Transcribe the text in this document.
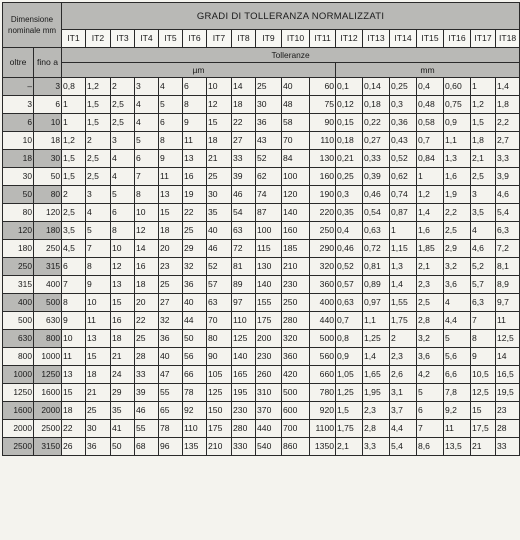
Dimensione nominale mm		GRADI DI TOLLERANZA NORMALIZZATI																	
		IT1	IT2	IT3	IT4	IT5	IT6	IT7	IT8	IT9	IT10	IT11	IT12	IT13	IT14	IT15	IT16	IT17	IT18
oltre	fino a	Tolleranze																	
		µm											mm						
–	3	0,8	1,2	2	3	4	6	10	14	25	40	60	0,1	0,14	0,25	0,4	0,60	1	1,4
3	6	1	1,5	2,5	4	5	8	12	18	30	48	75	0,12	0,18	0,3	0,48	0,75	1,2	1,8
6	10	1	1,5	2,5	4	6	9	15	22	36	58	90	0,15	0,22	0,36	0,58	0,9	1,5	2,2
10	18	1,2	2	3	5	8	11	18	27	43	70	110	0,18	0,27	0,43	0,7	1,1	1,8	2,7
18	30	1,5	2,5	4	6	9	13	21	33	52	84	130	0,21	0,33	0,52	0,84	1,3	2,1	3,3
30	50	1,5	2,5	4	7	11	16	25	39	62	100	160	0,25	0,39	0,62	1	1,6	2,5	3,9
50	80	2	3	5	8	13	19	30	46	74	120	190	0,3	0,46	0,74	1,2	1,9	3	4,6
80	120	2,5	4	6	10	15	22	35	54	87	140	220	0,35	0,54	0,87	1,4	2,2	3,5	5,4
120	180	3,5	5	8	12	18	25	40	63	100	160	250	0,4	0,63	1	1,6	2,5	4	6,3
180	250	4,5	7	10	14	20	29	46	72	115	185	290	0,46	0,72	1,15	1,85	2,9	4,6	7,2
250	315	6	8	12	16	23	32	52	81	130	210	320	0,52	0,81	1,3	2,1	3,2	5,2	8,1
315	400	7	9	13	18	25	36	57	89	140	230	360	0,57	0,89	1,4	2,3	3,6	5,7	8,9
400	500	8	10	15	20	27	40	63	97	155	250	400	0,63	0,97	1,55	2,5	4	6,3	9,7
500	630	9	11	16	22	32	44	70	110	175	280	440	0,7	1,1	1,75	2,8	4,4	7	11
630	800	10	13	18	25	36	50	80	125	200	320	500	0,8	1,25	2	3,2	5	8	12,5
800	1000	11	15	21	28	40	56	90	140	230	360	560	0,9	1,4	2,3	3,6	5,6	9	14
1000	1250	13	18	24	33	47	66	105	165	260	420	660	1,05	1,65	2,6	4,2	6,6	10,5	16,5
1250	1600	15	21	29	39	55	78	125	195	310	500	780	1,25	1,95	3,1	5	7,8	12,5	19,5
1600	2000	18	25	35	46	65	92	150	230	370	600	920	1,5	2,3	3,7	6	9,2	15	23
2000	2500	22	30	41	55	78	110	175	280	440	700	1100	1,75	2,8	4,4	7	11	17,5	28
2500	3150	26	36	50	68	96	135	210	330	540	860	1350	2,1	3,3	5,4	8,6	13,5	21	33
